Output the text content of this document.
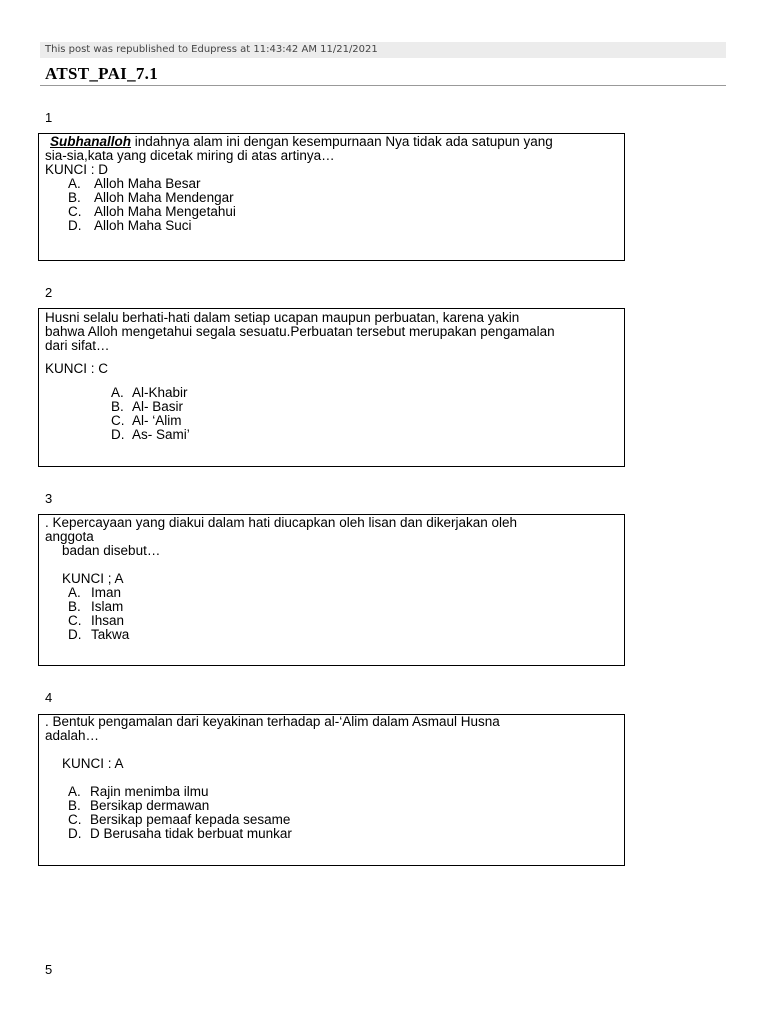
This post was republished to Edupress at 11:43:42 AM 11/21/2021
ATST_PAI_7.1
1
Subhanalloh indahnya alam ini dengan kesempurnaan Nya tidak ada satupun yang
sia-sia,kata yang dicetak miring di atas artinya…
KUNCI : D
A. Alloh Maha Besar
B. Alloh Maha Mendengar
C. Alloh Maha Mengetahui
D. Alloh Maha Suci
2
Husni selalu berhati-hati dalam setiap ucapan maupun perbuatan, karena yakin
bahwa Alloh mengetahui segala sesuatu.Perbuatan tersebut merupakan pengamalan
dari sifat…
KUNCI : C
A. Al-Khabir
B. Al- Basir
C. Al- ‘Alim
D. As- Sami’
3
. Kepercayaan yang diakui dalam hati diucapkan oleh lisan dan dikerjakan oleh
anggota
badan disebut…
KUNCI ; A
A. Iman
B. Islam
C. Ihsan
D. Takwa
4
. Bentuk pengamalan dari keyakinan terhadap al-‘Alim dalam Asmaul Husna
adalah…
KUNCI : A
A. Rajin menimba ilmu
B. Bersikap dermawan
C. Bersikap pemaaf kepada sesame
D. D Berusaha tidak berbuat munkar
5
